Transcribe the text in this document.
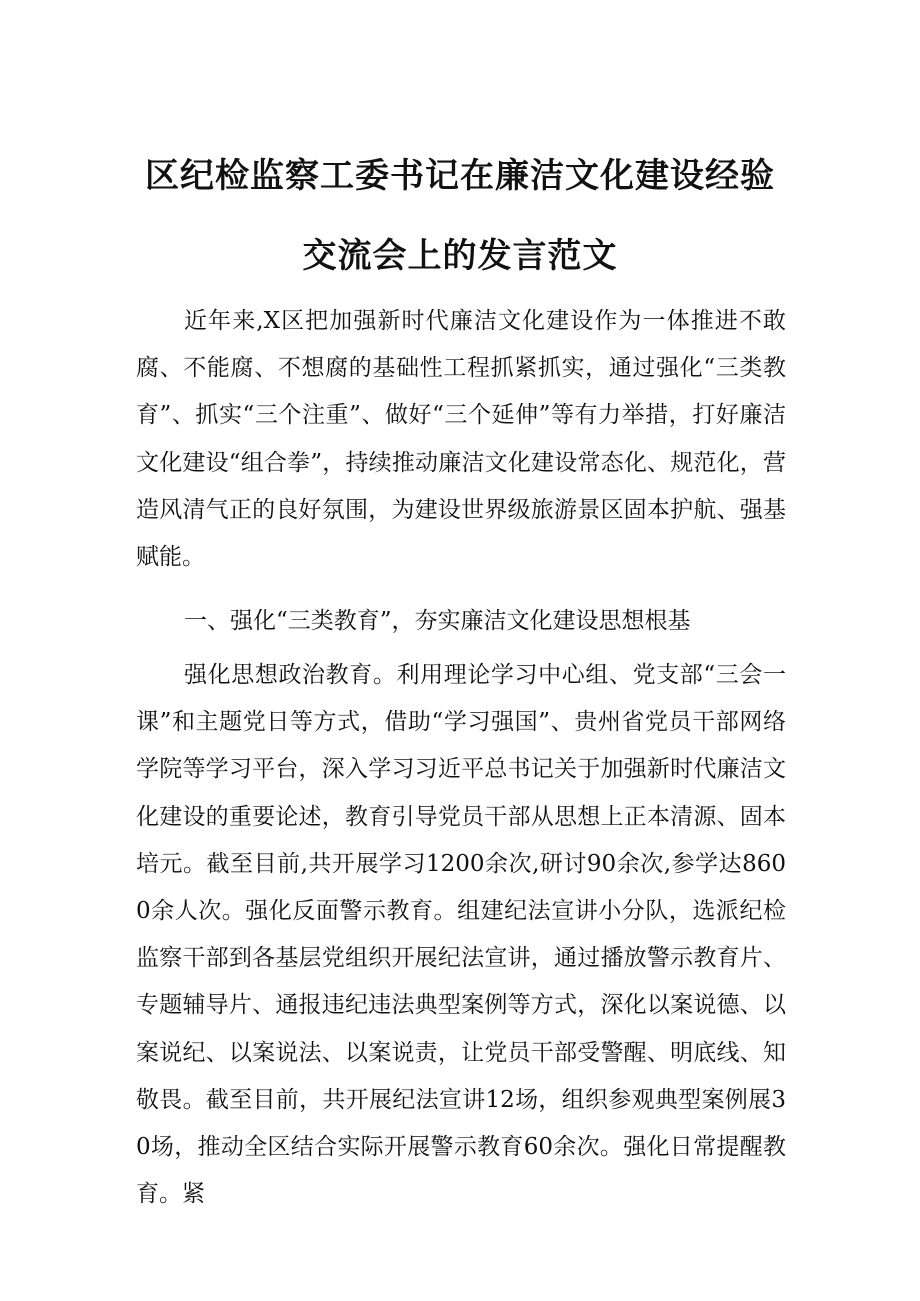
区纪检监察工委书记在廉洁文化建设经验
交流会上的发言范文

近年来,X区把加强新时代廉洁文化建设作为一体推进不敢腐、不能腐、不想腐的基础性工程抓紧抓实，通过强化“三类教育”、抓实“三个注重”、做好“三个延伸”等有力举措，打好廉洁文化建设“组合拳”，持续推动廉洁文化建设常态化、规范化，营造风清气正的良好氛围，为建设世界级旅游景区固本护航、强基赋能。

一、强化“三类教育”，夯实廉洁文化建设思想根基

强化思想政治教育。利用理论学习中心组、党支部“三会一课”和主题党日等方式，借助“学习强国”、贵州省党员干部网络学院等学习平台，深入学习习近平总书记关于加强新时代廉洁文化建设的重要论述，教育引导党员干部从思想上正本清源、固本培元。截至目前,共开展学习1200余次,研讨90余次,参学达8600余人次。强化反面警示教育。组建纪法宣讲小分队，选派纪检监察干部到各基层党组织开展纪法宣讲，通过播放警示教育片、专题辅导片、通报违纪违法典型案例等方式，深化以案说德、以案说纪、以案说法、以案说责，让党员干部受警醒、明底线、知敬畏。截至目前，共开展纪法宣讲12场，组织参观典型案例展30场，推动全区结合实际开展警示教育60余次。强化日常提醒教育。紧
